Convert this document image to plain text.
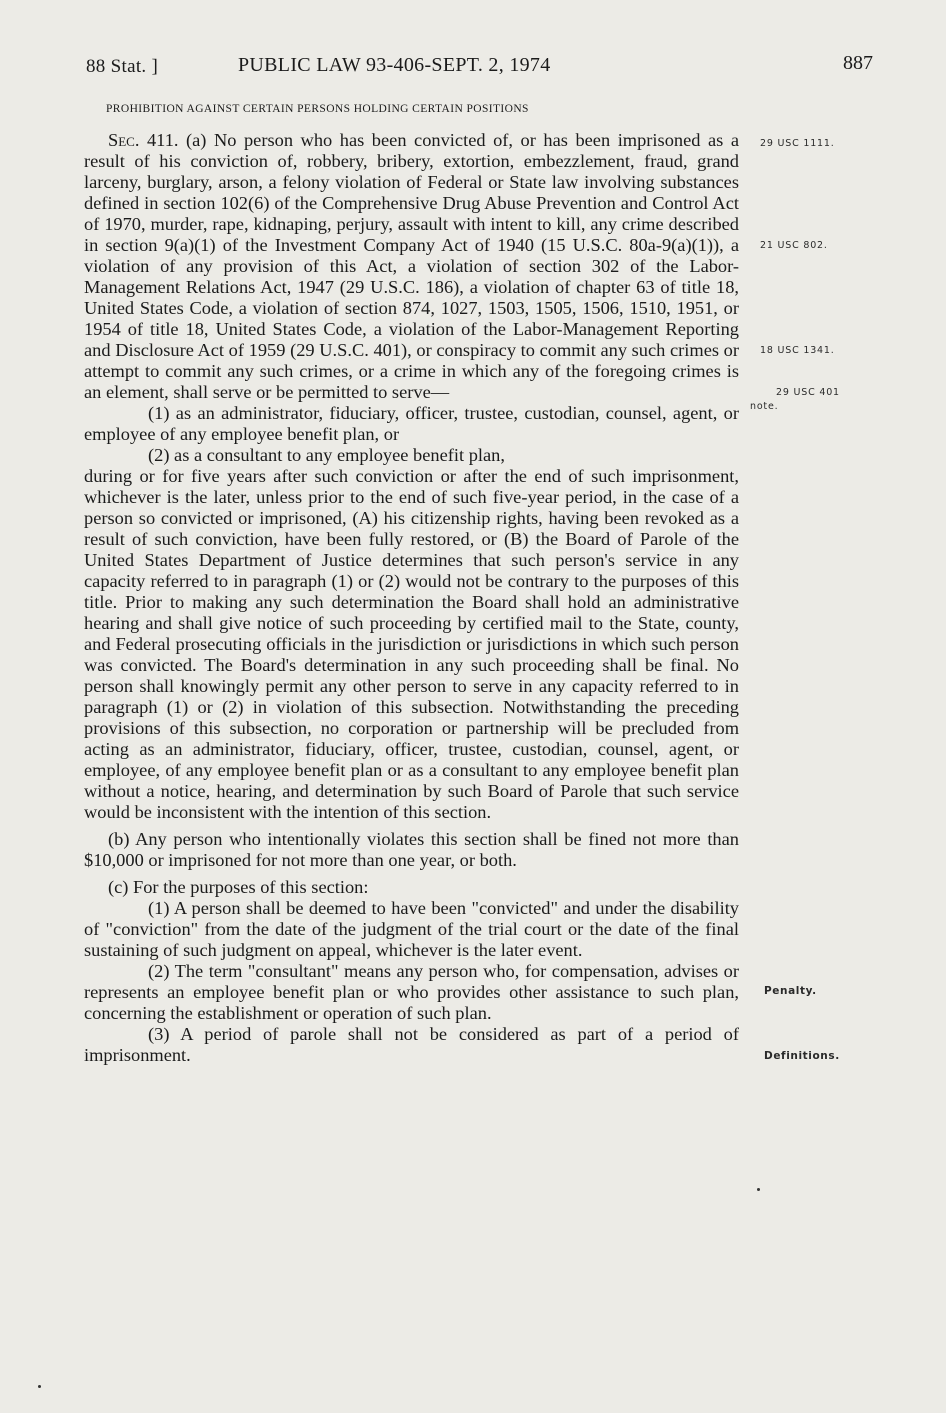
88 Stat. ]	PUBLIC LAW 93-406-SEPT. 2, 1974	887
PROHIBITION AGAINST CERTAIN PERSONS HOLDING CERTAIN POSITIONS

Sec. 411. (a) No person who has been convicted of, or has been imprisoned as a result of his conviction of, robbery, bribery, extortion, embezzlement, fraud, grand larceny, burglary, arson, a felony violation of Federal or State law involving substances defined in section 102(6) of the Comprehensive Drug Abuse Prevention and Control Act of 1970, murder, rape, kidnaping, perjury, assault with intent to kill, any crime described in section 9(a)(1) of the Investment Company Act of 1940 (15 U.S.C. 80a-9(a)(1)), a violation of any provision of this Act, a violation of section 302 of the Labor-Management Relations Act, 1947 (29 U.S.C. 186), a violation of chapter 63 of title 18, United States Code, a violation of section 874, 1027, 1503, 1505, 1506, 1510, 1951, or 1954 of title 18, United States Code, a violation of the Labor-Management Reporting and Disclosure Act of 1959 (29 U.S.C. 401), or conspiracy to commit any such crimes or attempt to commit any such crimes, or a crime in which any of the foregoing crimes is an element, shall serve or be permitted to serve—

(1) as an administrator, fiduciary, officer, trustee, custodian, counsel, agent, or employee of any employee benefit plan, or

(2) as a consultant to any employee benefit plan,

during or for five years after such conviction or after the end of such imprisonment, whichever is the later, unless prior to the end of such five-year period, in the case of a person so convicted or imprisoned, (A) his citizenship rights, having been revoked as a result of such conviction, have been fully restored, or (B) the Board of Parole of the United States Department of Justice determines that such person's service in any capacity referred to in paragraph (1) or (2) would not be contrary to the purposes of this title. Prior to making any such determination the Board shall hold an administrative hearing and shall give notice of such proceeding by certified mail to the State, county, and Federal prosecuting officials in the jurisdiction or jurisdictions in which such person was convicted. The Board's determination in any such proceeding shall be final. No person shall knowingly permit any other person to serve in any capacity referred to in paragraph (1) or (2) in violation of this subsection. Notwithstanding the preceding provisions of this subsection, no corporation or partnership will be precluded from acting as an administrator, fiduciary, officer, trustee, custodian, counsel, agent, or employee, of any employee benefit plan or as a consultant to any employee benefit plan without a notice, hearing, and determination by such Board of Parole that such service would be inconsistent with the intention of this section.

(b) Any person who intentionally violates this section shall be fined not more than $10,000 or imprisoned for not more than one year, or both.

(c) For the purposes of this section:

(1) A person shall be deemed to have been "convicted" and under the disability of "conviction" from the date of the judgment of the trial court or the date of the final sustaining of such judgment on appeal, whichever is the later event.

(2) The term "consultant" means any person who, for compensation, advises or represents an employee benefit plan or who provides other assistance to such plan, concerning the establishment or operation of such plan.

(3) A period of parole shall not be considered as part of a period of imprisonment.

29 USC 1111.
21 USC 802.
18 USC 1341.
29 USC 401
note.
Penalty.
Definitions.
